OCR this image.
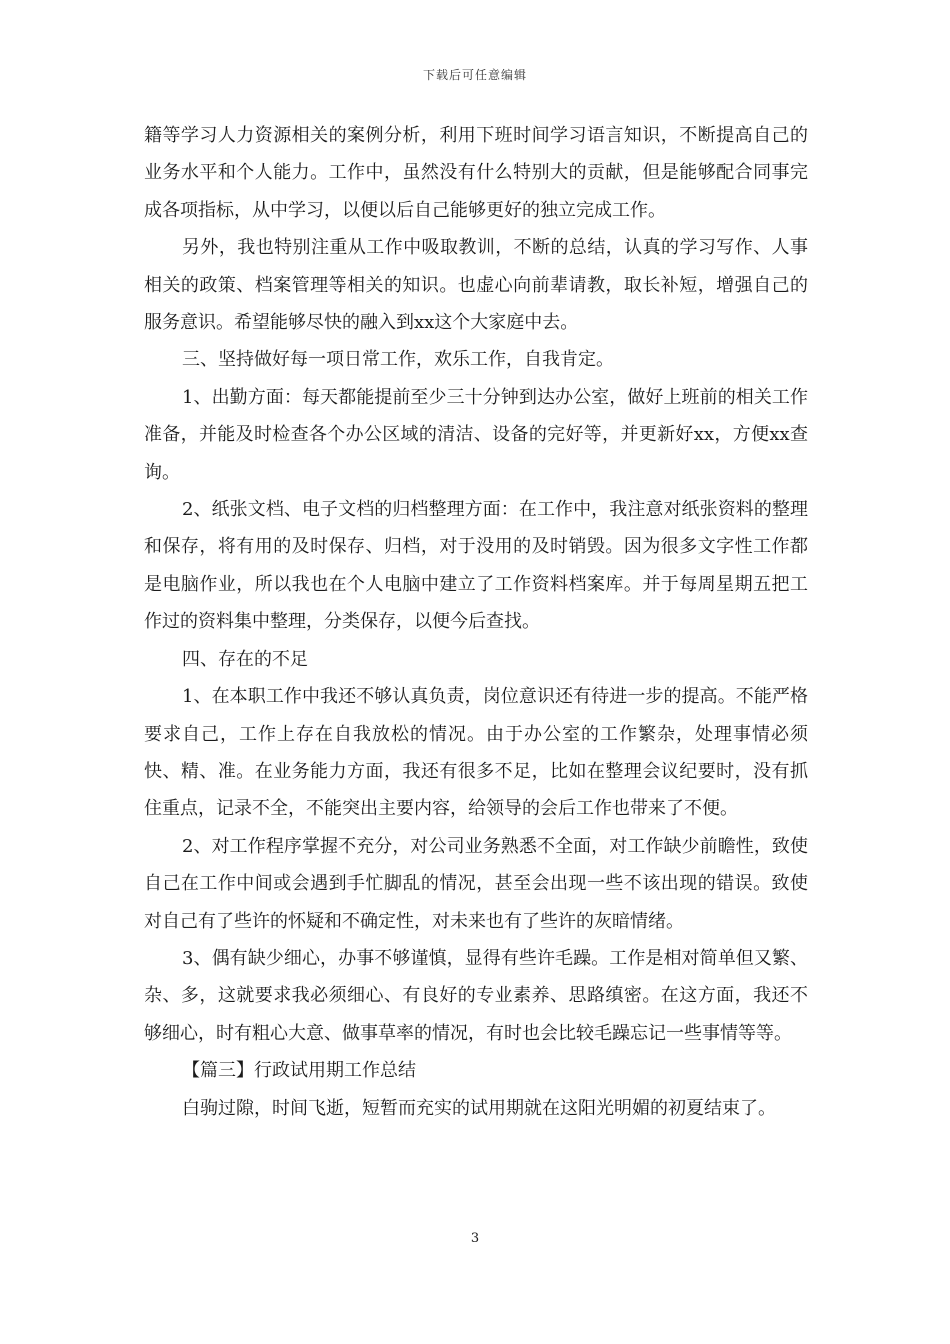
下载后可任意编辑

籍等学习人力资源相关的案例分析，利用下班时间学习语言知识，不断提高自己的业务水平和个人能力。工作中，虽然没有什么特别大的贡献，但是能够配合同事完成各项指标，从中学习，以便以后自己能够更好的独立完成工作。

另外，我也特别注重从工作中吸取教训，不断的总结，认真的学习写作、人事相关的政策、档案管理等相关的知识。也虚心向前辈请教，取长补短，增强自己的服务意识。希望能够尽快的融入到xx这个大家庭中去。

三、坚持做好每一项日常工作，欢乐工作，自我肯定。

1、出勤方面：每天都能提前至少三十分钟到达办公室，做好上班前的相关工作准备，并能及时检查各个办公区域的清洁、设备的完好等，并更新好xx，方便xx查询。

2、纸张文档、电子文档的归档整理方面：在工作中，我注意对纸张资料的整理和保存，将有用的及时保存、归档，对于没用的及时销毁。因为很多文字性工作都是电脑作业，所以我也在个人电脑中建立了工作资料档案库。并于每周星期五把工作过的资料集中整理，分类保存，以便今后查找。

四、存在的不足

1、在本职工作中我还不够认真负责，岗位意识还有待进一步的提高。不能严格要求自己，工作上存在自我放松的情况。由于办公室的工作繁杂，处理事情必须快、精、准。在业务能力方面，我还有很多不足，比如在整理会议纪要时，没有抓住重点，记录不全，不能突出主要内容，给领导的会后工作也带来了不便。

2、对工作程序掌握不充分，对公司业务熟悉不全面，对工作缺少前瞻性，致使自己在工作中间或会遇到手忙脚乱的情况，甚至会出现一些不该出现的错误。致使对自己有了些许的怀疑和不确定性，对未来也有了些许的灰暗情绪。

3、偶有缺少细心，办事不够谨慎，显得有些许毛躁。工作是相对简单但又繁、杂、多，这就要求我必须细心、有良好的专业素养、思路缜密。在这方面，我还不够细心，时有粗心大意、做事草率的情况，有时也会比较毛躁忘记一些事情等等。

【篇三】行政试用期工作总结

白驹过隙，时间飞逝，短暂而充实的试用期就在这阳光明媚的初夏结束了。

3
